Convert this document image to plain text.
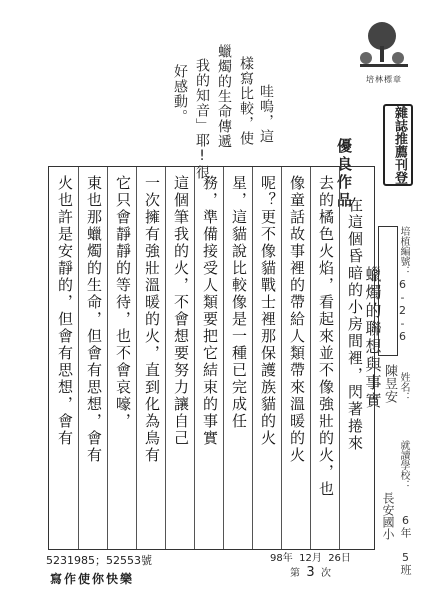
培林標章
雜誌推薦刊登
哇嗚，這
樣寫比較，使
蠟燭的生命傳遞
我的知音」耶!很
好感動。
優良作品
在這個昏暗的小房間裡，閃著捲來
去的橘色火焰，看起來並不像強壯的火，也
像童話故事裡的帶給人類帶來溫暖的火
呢？更不像貓戰士裡那保護族貓的火
星，這貓說比較像是一種已完成任
務，準備接受人類要把它結束的事實
這個筆我的火，不會想要努力讓自己
一次擁有強壯溫暖的火，直到化為鳥有
它只會靜靜的等待，也不會哀嚎，
東也那蠟燭的生命，但會有思想，會有
火也許是安靜的，但會有思想，會有	培植編號：
6-2-6
蠟燭的聯想與事實 姓名：
陳昱安
就讀學校：
長安國小 6年 5班
98年 12月 26日
第 3 次
5231985；52553號
寫作使你快樂
